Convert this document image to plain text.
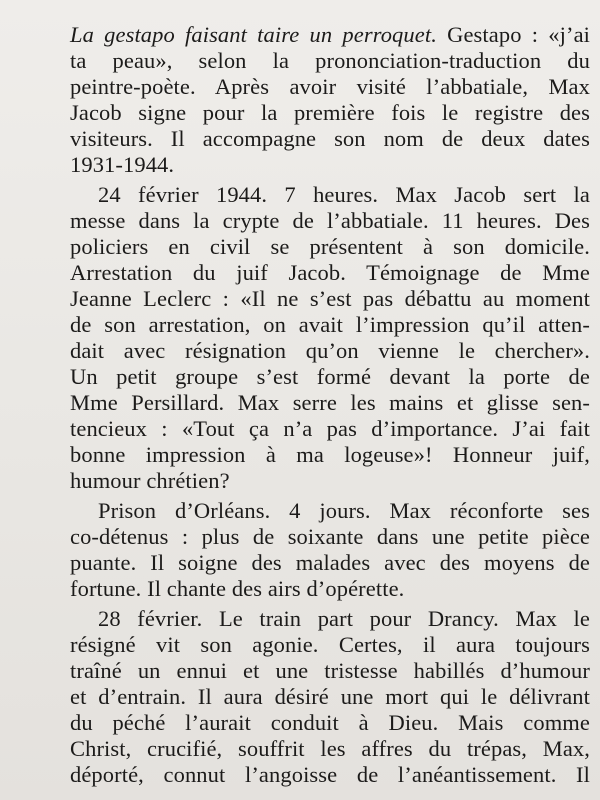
La gestapo faisant taire un perroquet. Gestapo : «j’ai
ta peau», selon la prononciation-traduction du
peintre-poète. Après avoir visité l’abbatiale, Max
Jacob signe pour la première fois le registre des
visiteurs. Il accompagne son nom de deux dates
1931-1944.
24 février 1944. 7 heures. Max Jacob sert la
messe dans la crypte de l’abbatiale. 11 heures. Des
policiers en civil se présentent à son domicile.
Arrestation du juif Jacob. Témoignage de Mme
Jeanne Leclerc : «Il ne s’est pas débattu au moment
de son arrestation, on avait l’impression qu’il atten-
dait avec résignation qu’on vienne le chercher».
Un petit groupe s’est formé devant la porte de
Mme Persillard. Max serre les mains et glisse sen-
tencieux : «Tout ça n’a pas d’importance. J’ai fait
bonne impression à ma logeuse»! Honneur juif,
humour chrétien?
Prison d’Orléans. 4 jours. Max réconforte ses
co-détenus : plus de soixante dans une petite pièce
puante. Il soigne des malades avec des moyens de
fortune. Il chante des airs d’opérette.
28 février. Le train part pour Drancy. Max le
résigné vit son agonie. Certes, il aura toujours
traîné un ennui et une tristesse habillés d’humour
et d’entrain. Il aura désiré une mort qui le délivrant
du péché l’aurait conduit à Dieu. Mais comme
Christ, crucifié, souffrit les affres du trépas, Max,
déporté, connut l’angoisse de l’anéantissement. Il
